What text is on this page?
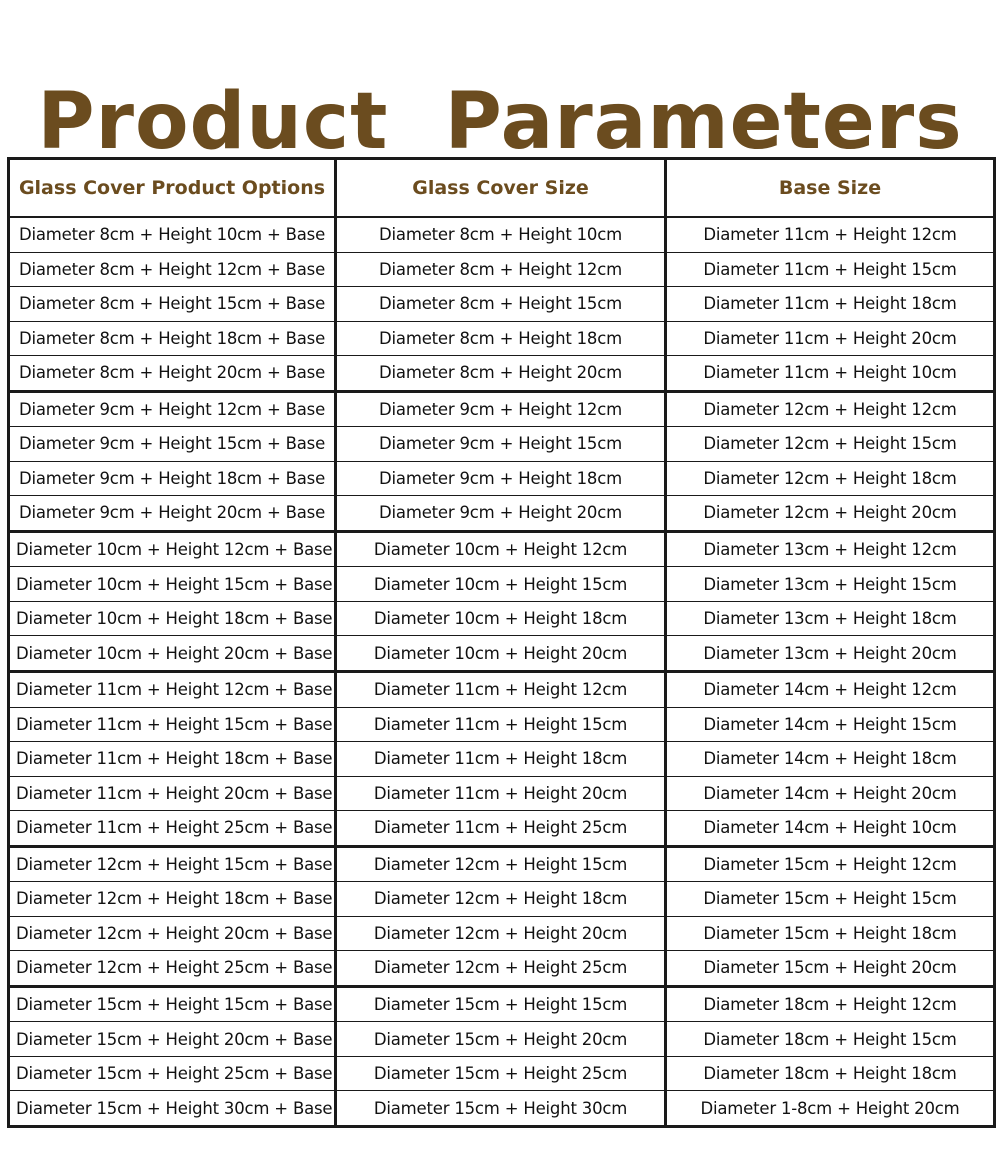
Product Parameters
Glass Cover Product Options	Glass Cover Size	Base Size
Diameter 8cm + Height 10cm + Base	Diameter 8cm + Height 10cm	Diameter 11cm + Height 12cm
Diameter 8cm + Height 12cm + Base	Diameter 8cm + Height 12cm	Diameter 11cm + Height 15cm
Diameter 8cm + Height 15cm + Base	Diameter 8cm + Height 15cm	Diameter 11cm + Height 18cm
Diameter 8cm + Height 18cm + Base	Diameter 8cm + Height 18cm	Diameter 11cm + Height 20cm
Diameter 8cm + Height 20cm + Base	Diameter 8cm + Height 20cm	Diameter 11cm + Height 10cm
Diameter 9cm + Height 12cm + Base	Diameter 9cm + Height 12cm	Diameter 12cm + Height 12cm
Diameter 9cm + Height 15cm + Base	Diameter 9cm + Height 15cm	Diameter 12cm + Height 15cm
Diameter 9cm + Height 18cm + Base	Diameter 9cm + Height 18cm	Diameter 12cm + Height 18cm
Diameter 9cm + Height 20cm + Base	Diameter 9cm + Height 20cm	Diameter 12cm + Height 20cm
Diameter 10cm + Height 12cm + Base	Diameter 10cm + Height 12cm	Diameter 13cm + Height 12cm
Diameter 10cm + Height 15cm + Base	Diameter 10cm + Height 15cm	Diameter 13cm + Height 15cm
Diameter 10cm + Height 18cm + Base	Diameter 10cm + Height 18cm	Diameter 13cm + Height 18cm
Diameter 10cm + Height 20cm + Base	Diameter 10cm + Height 20cm	Diameter 13cm + Height 20cm
Diameter 11cm + Height 12cm + Base	Diameter 11cm + Height 12cm	Diameter 14cm + Height 12cm
Diameter 11cm + Height 15cm + Base	Diameter 11cm + Height 15cm	Diameter 14cm + Height 15cm
Diameter 11cm + Height 18cm + Base	Diameter 11cm + Height 18cm	Diameter 14cm + Height 18cm
Diameter 11cm + Height 20cm + Base	Diameter 11cm + Height 20cm	Diameter 14cm + Height 20cm
Diameter 11cm + Height 25cm + Base	Diameter 11cm + Height 25cm	Diameter 14cm + Height 10cm
Diameter 12cm + Height 15cm + Base	Diameter 12cm + Height 15cm	Diameter 15cm + Height 12cm
Diameter 12cm + Height 18cm + Base	Diameter 12cm + Height 18cm	Diameter 15cm + Height 15cm
Diameter 12cm + Height 20cm + Base	Diameter 12cm + Height 20cm	Diameter 15cm + Height 18cm
Diameter 12cm + Height 25cm + Base	Diameter 12cm + Height 25cm	Diameter 15cm + Height 20cm
Diameter 15cm + Height 15cm + Base	Diameter 15cm + Height 15cm	Diameter 18cm + Height 12cm
Diameter 15cm + Height 20cm + Base	Diameter 15cm + Height 20cm	Diameter 18cm + Height 15cm
Diameter 15cm + Height 25cm + Base	Diameter 15cm + Height 25cm	Diameter 18cm + Height 18cm
Diameter 15cm + Height 30cm + Base	Diameter 15cm + Height 30cm	Diameter 1-8cm + Height 20cm
